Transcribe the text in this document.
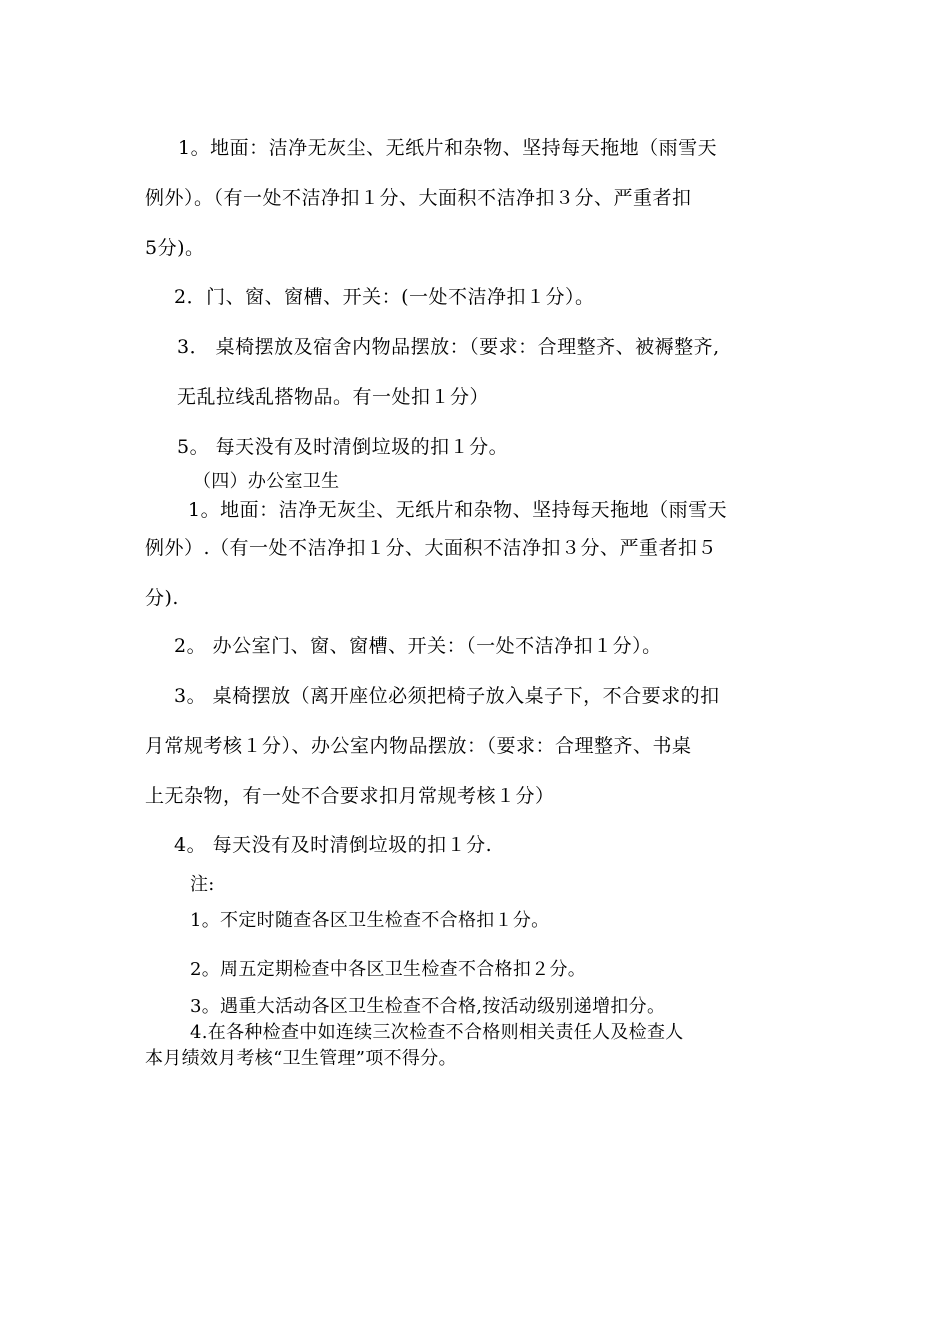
1。地面：洁净无灰尘、无纸片和杂物、坚持每天拖地（雨雪天

例外）。（有一处不洁净扣１分、大面积不洁净扣３分、严重者扣

5分)。

2．门、窗、窗槽、开关：(一处不洁净扣１分）。

3． 桌椅摆放及宿舍内物品摆放：（要求：合理整齐、被褥整齐,

无乱拉线乱搭物品。有一处扣１分）

5。 每天没有及时清倒垃圾的扣１分。

（四）办公室卫生

1。地面：洁净无灰尘、无纸片和杂物、坚持每天拖地（雨雪天

例外）.（有一处不洁净扣１分、大面积不洁净扣３分、严重者扣５

分).

2。 办公室门、窗、窗槽、开关：（一处不洁净扣１分）。

3。 桌椅摆放（离开座位必须把椅子放入桌子下，不合要求的扣

月常规考核１分）、办公室内物品摆放：（要求：合理整齐、书桌

上无杂物，有一处不合要求扣月常规考核１分）

4。 每天没有及时清倒垃圾的扣１分.

注:

1。不定时随查各区卫生检查不合格扣１分。

2。周五定期检查中各区卫生检查不合格扣２分。

3。遇重大活动各区卫生检查不合格,按活动级别递增扣分。

4.在各种检查中如连续三次检查不合格则相关责任人及检查人

本月绩效月考核“卫生管理”项不得分。
